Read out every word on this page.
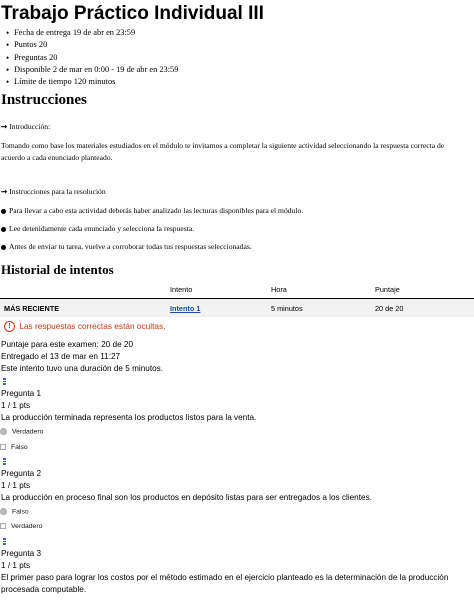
Trabajo Práctico Individual III
• Fecha de entrega 19 de abr en 23:59
• Puntos 20
• Preguntas 20
• Disponible 2 de mar en 0:00 - 19 de abr en 23:59
• Límite de tiempo 120 minutos
Instrucciones

➞ Introducción:

Tomando como base los materiales estudiados en el módulo te invitamos a completar la siguiente actividad seleccionando la respuesta correcta de

acuerdo a cada enunciado planteado.

➞ Instrucciones para la resolución

Para llevar a cabo esta actividad deberás haber analizado las lecturas disponibles para el módulo.

Lee detenidamente cada enunciado y selecciona la respuesta.

Antes de enviar tu tarea, vuelve a corroborar todas tus respuestas seleccionadas.

Historial de intentos
	Intento	Hora	Puntaje
MÁS RECIENTE	Intento 1	5 minutos	20 de 20
! Las respuestas correctas están ocultas.

Puntaje para este examen: 20 de 20

Entregado el 13 de mar en 11:27

Este intento tuvo una duración de 5 minutos.

Pregunta 1

1 / 1 pts

La producción terminada representa los productos listos para la venta.

Verdadero
Falso

Pregunta 2

1 / 1 pts

La producción en proceso final son los productos en depósito listas para ser entregados a los clientes.

Falso
Verdadero

Pregunta 3

1 / 1 pts

El primer paso para lograr los costos por el método estimado en el ejercicio planteado es la determinación de la producción

procesada computable.
